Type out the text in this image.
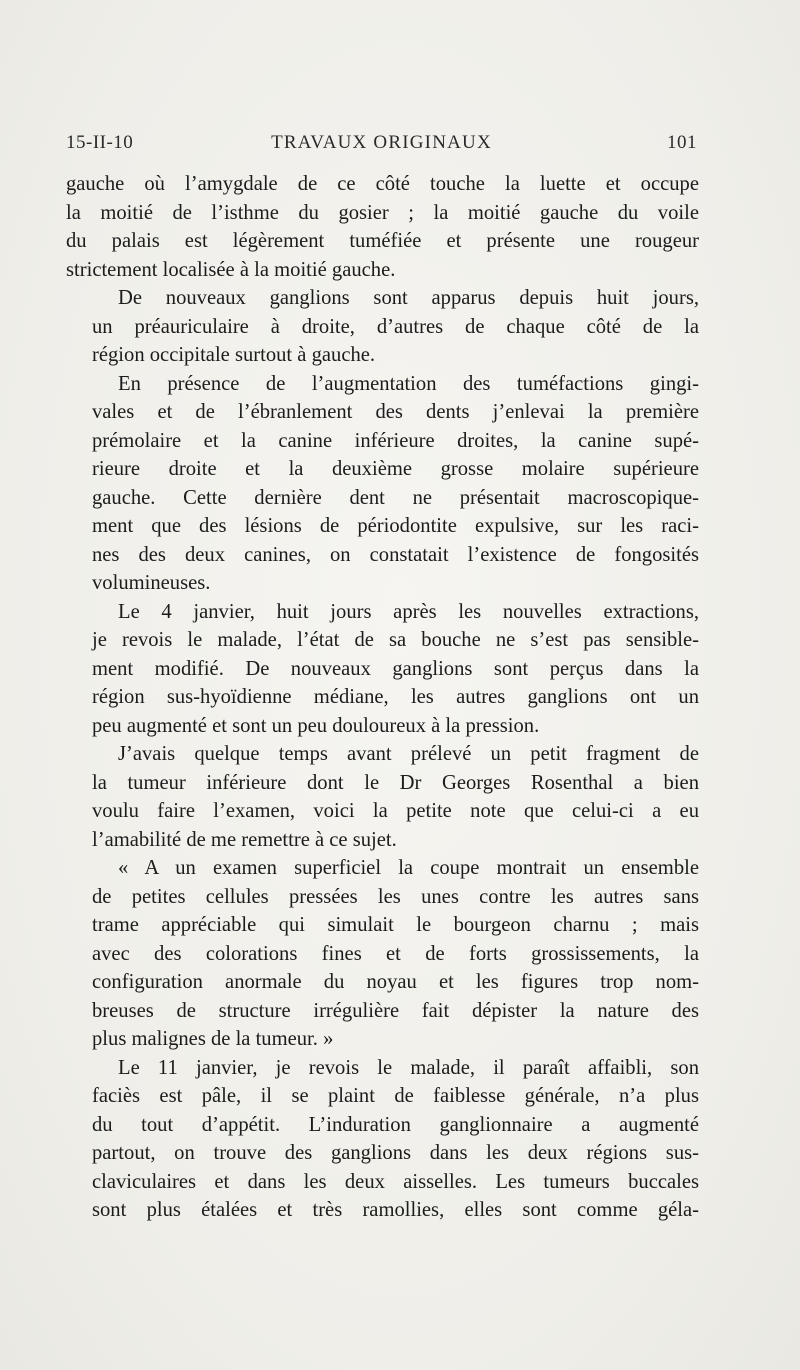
15-II-10	TRAVAUX ORIGINAUX	101
gauche où l’amygdale de ce côté touche la luette et occupe
la moitié de l’isthme du gosier ; la moitié gauche du voile
du palais est légèrement tuméfiée et présente une rougeur
strictement localisée à la moitié gauche.
De nouveaux ganglions sont apparus depuis huit jours,
un préauriculaire à droite, d’autres de chaque côté de la
région occipitale surtout à gauche.
En présence de l’augmentation des tuméfactions gingi-
vales et de l’ébranlement des dents j’enlevai la première
prémolaire et la canine inférieure droites, la canine supé-
rieure droite et la deuxième grosse molaire supérieure
gauche. Cette dernière dent ne présentait macroscopique-
ment que des lésions de périodontite expulsive, sur les raci-
nes des deux canines, on constatait l’existence de fongosités
volumineuses.
Le 4 janvier, huit jours après les nouvelles extractions,
je revois le malade, l’état de sa bouche ne s’est pas sensible-
ment modifié. De nouveaux ganglions sont perçus dans la
région sus-hyoïdienne médiane, les autres ganglions ont un
peu augmenté et sont un peu douloureux à la pression.
J’avais quelque temps avant prélevé un petit fragment de
la tumeur inférieure dont le Dr Georges Rosenthal a bien
voulu faire l’examen, voici la petite note que celui-ci a eu
l’amabilité de me remettre à ce sujet.
« A un examen superficiel la coupe montrait un ensemble
de petites cellules pressées les unes contre les autres sans
trame appréciable qui simulait le bourgeon charnu ; mais
avec des colorations fines et de forts grossissements, la
configuration anormale du noyau et les figures trop nom-
breuses de structure irrégulière fait dépister la nature des
plus malignes de la tumeur. »
Le 11 janvier, je revois le malade, il paraît affaibli, son
faciès est pâle, il se plaint de faiblesse générale, n’a plus
du tout d’appétit. L’induration ganglionnaire a augmenté
partout, on trouve des ganglions dans les deux régions sus-
claviculaires et dans les deux aisselles. Les tumeurs buccales
sont plus étalées et très ramollies, elles sont comme géla-
